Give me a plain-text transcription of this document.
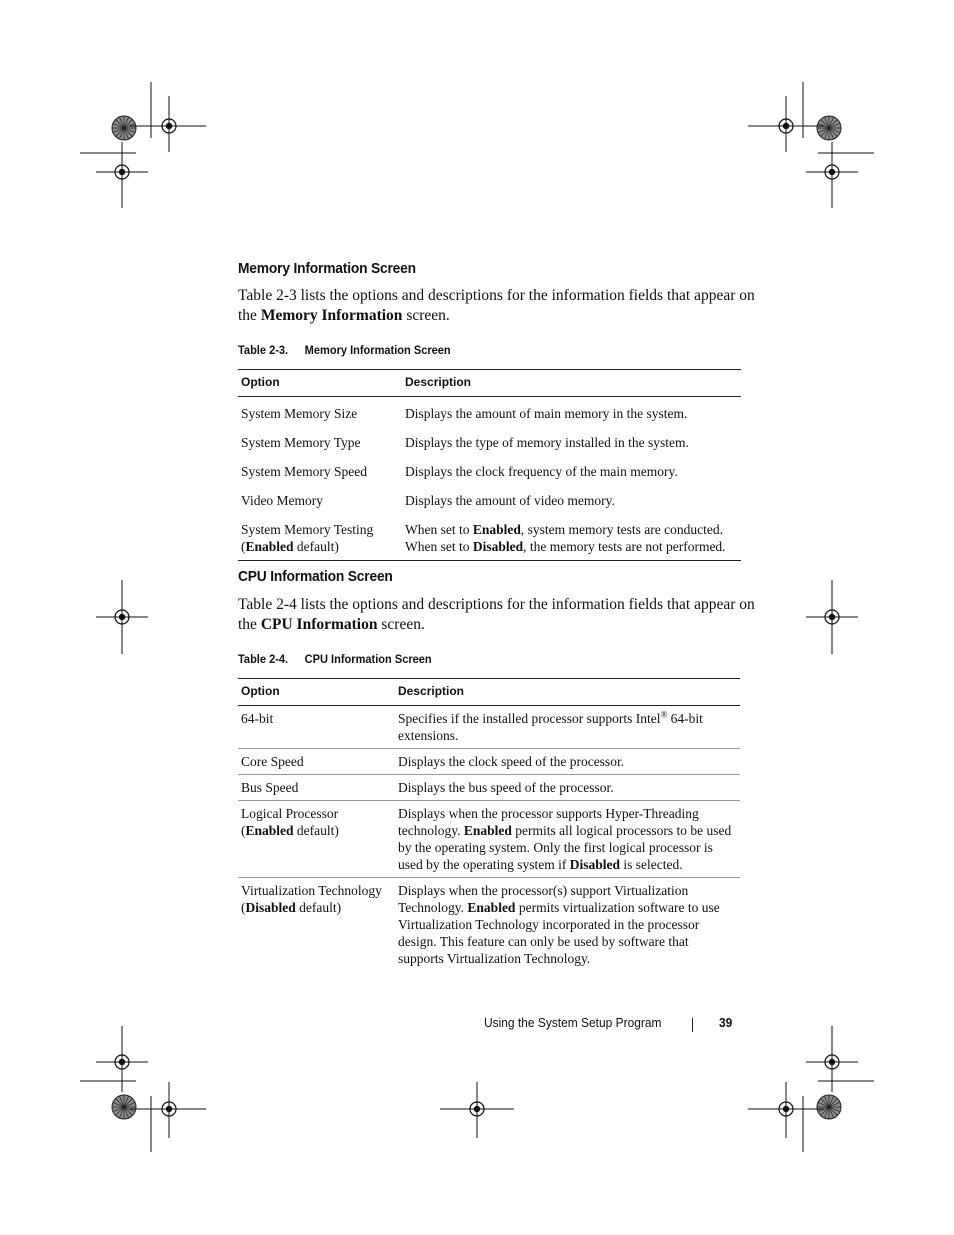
Memory Information Screen
Table 2-3 lists the options and descriptions for the information fields that appear on the Memory Information screen.
Table 2-3. Memory Information Screen
Option	Description
System Memory Size	Displays the amount of main memory in the system.
System Memory Type	Displays the type of memory installed in the system.
System Memory Speed	Displays the clock frequency of the main memory.
Video Memory	Displays the amount of video memory.
System Memory Testing
(Enabled default)	When set to Enabled, system memory tests are conducted. When set to Disabled, the memory tests are not performed.
CPU Information Screen
Table 2-4 lists the options and descriptions for the information fields that appear on the CPU Information screen.
Table 2-4. CPU Information Screen
Option	Description
64-bit	Specifies if the installed processor supports Intel® 64-bit extensions.
Core Speed	Displays the clock speed of the processor.
Bus Speed	Displays the bus speed of the processor.
Logical Processor
(Enabled default)	Displays when the processor supports Hyper-Threading technology. Enabled permits all logical processors to be used by the operating system. Only the first logical processor is used by the operating system if Disabled is selected.
Virtualization Technology
(Disabled default)	Displays when the processor(s) support Virtualization Technology. Enabled permits virtualization software to use Virtualization Technology incorporated in the processor design. This feature can only be used by software that supports Virtualization Technology.
Using the System Setup Program	39
